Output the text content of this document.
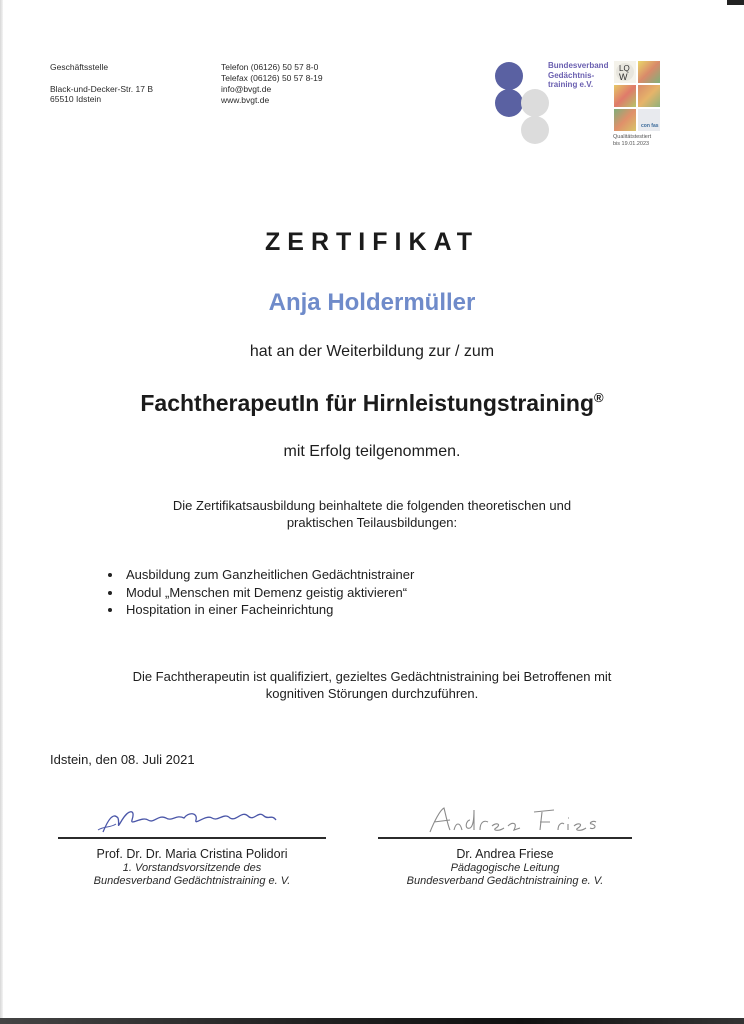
Geschäftsstelle
Black-und-Decker-Str. 17 B
65510 Idstein
Telefon (06126) 50 57 8-0
Telefax (06126) 50 57 8-19
info@bvgt.de
www.bvgt.de
Bundesverband
Gedächtnis-
training e.V.
LQ
W
con fas
Qualitätstestiert
bis 19.01.2023
ZERTIFIKAT
Anja Holdermüller
hat an der Weiterbildung zur / zum
FachtherapeutIn für Hirnleistungstraining®
mit Erfolg teilgenommen.
Die Zertifikatsausbildung beinhaltete die folgenden theoretischen und
praktischen Teilausbildungen:
Ausbildung zum Ganzheitlichen Gedächtnistrainer
Modul „Menschen mit Demenz geistig aktivieren“
Hospitation in einer Facheinrichtung
Die Fachtherapeutin ist qualifiziert, gezieltes Gedächtnistraining bei Betroffenen mit
kognitiven Störungen durchzuführen.
Idstein, den 08. Juli 2021
Prof. Dr. Dr. Maria Cristina Polidori
1. Vorstandsvorsitzende des
Bundesverband Gedächtnistraining e. V.
Dr. Andrea Friese
Pädagogische Leitung
Bundesverband Gedächtnistraining e. V.
